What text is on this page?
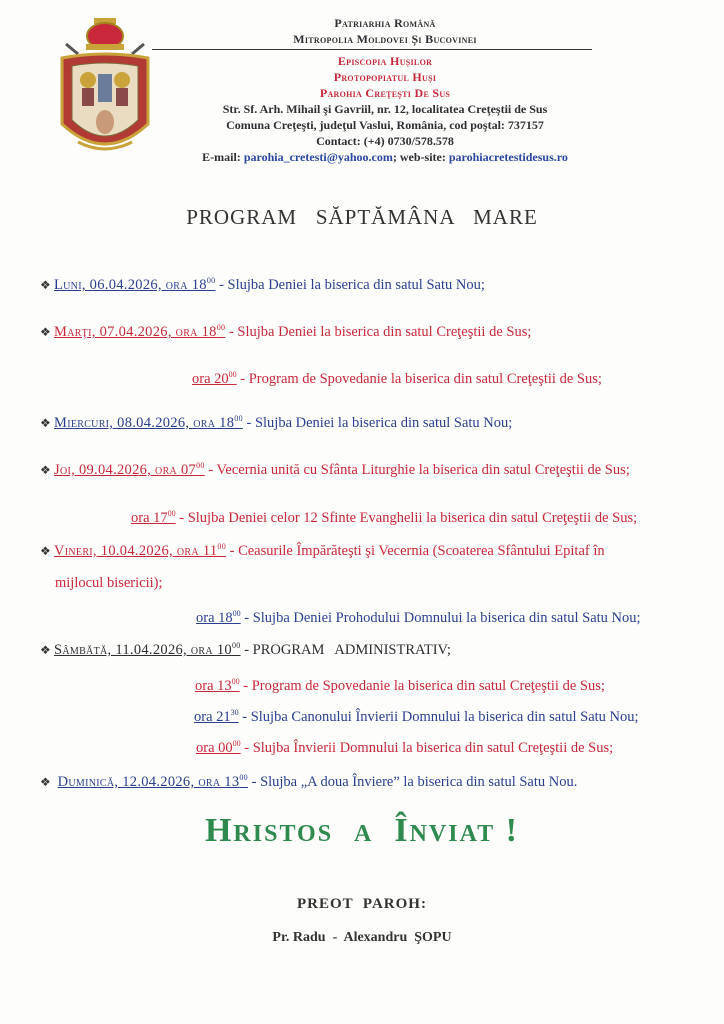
Patriarhia Română
Mitropolia Moldovei Și Bucovinei
Episcopia Hușilor
Protopopiatul Huși
Parohia Creţeşti De Sus
Str. Sf. Arh. Mihail şi Gavriil, nr. 12, localitatea Creţeştii de Sus
Comuna Creţeşti, judeţul Vaslui, România, cod poştal: 737157
Contact: (+4) 0730/578.578
E-mail: parohia_cretesti@yahoo.com; web-site: parohiacretestidesus.ro
PROGRAM   SĂPTĂMÂNA   MARE
❖ Luni, 06.04.2026, ora $18^{00}$ - Slujba Deniei la biserica din satul Satu Nou;
❖ Marţi, 07.04.2026, ora $18^{00}$ - Slujba Deniei la biserica din satul Creţeştii de Sus;
ora $20^{00}$ - Program de Spovedanie la biserica din satul Creţeştii de Sus;
❖ Miercuri, 08.04.2026, ora $18^{00}$ - Slujba Deniei la biserica din satul Satu Nou;
❖ Joi, 09.04.2026, ora $07^{00}$ - Vecernia unită cu Sfânta Liturghie la biserica din satul Creţeştii de Sus;
ora $17^{00}$ - Slujba Deniei celor 12 Sfinte Evanghelii la biserica din satul Creţeştii de Sus;
❖ Vineri, 10.04.2026, ora $11^{00}$ - Ceasurile Împărăteşti şi Vecernia (Scoaterea Sfântului Epitaf în
mijlocul bisericii);
ora $18^{00}$ - Slujba Deniei Prohodului Domnului la biserica din satul Satu Nou;
❖ Sâmbătă, 11.04.2026, ora $10^{00}$ - PROGRAM   ADMINISTRATIV;
ora $13^{00}$ - Program de Spovedanie la biserica din satul Creţeştii de Sus;
ora $21^{30}$ - Slujba Canonului Învierii Domnului la biserica din satul Satu Nou;
ora $00^{00}$ - Slujba Învierii Domnului la biserica din satul Creţeştii de Sus;
❖ Duminică, 12.04.2026, ora $13^{00}$ - Slujba „A doua Înviere” la biserica din satul Satu Nou.
Hristos  a  Înviat !
PREOT  PAROH:
Pr. Radu  -  Alexandru  ŞOPU
